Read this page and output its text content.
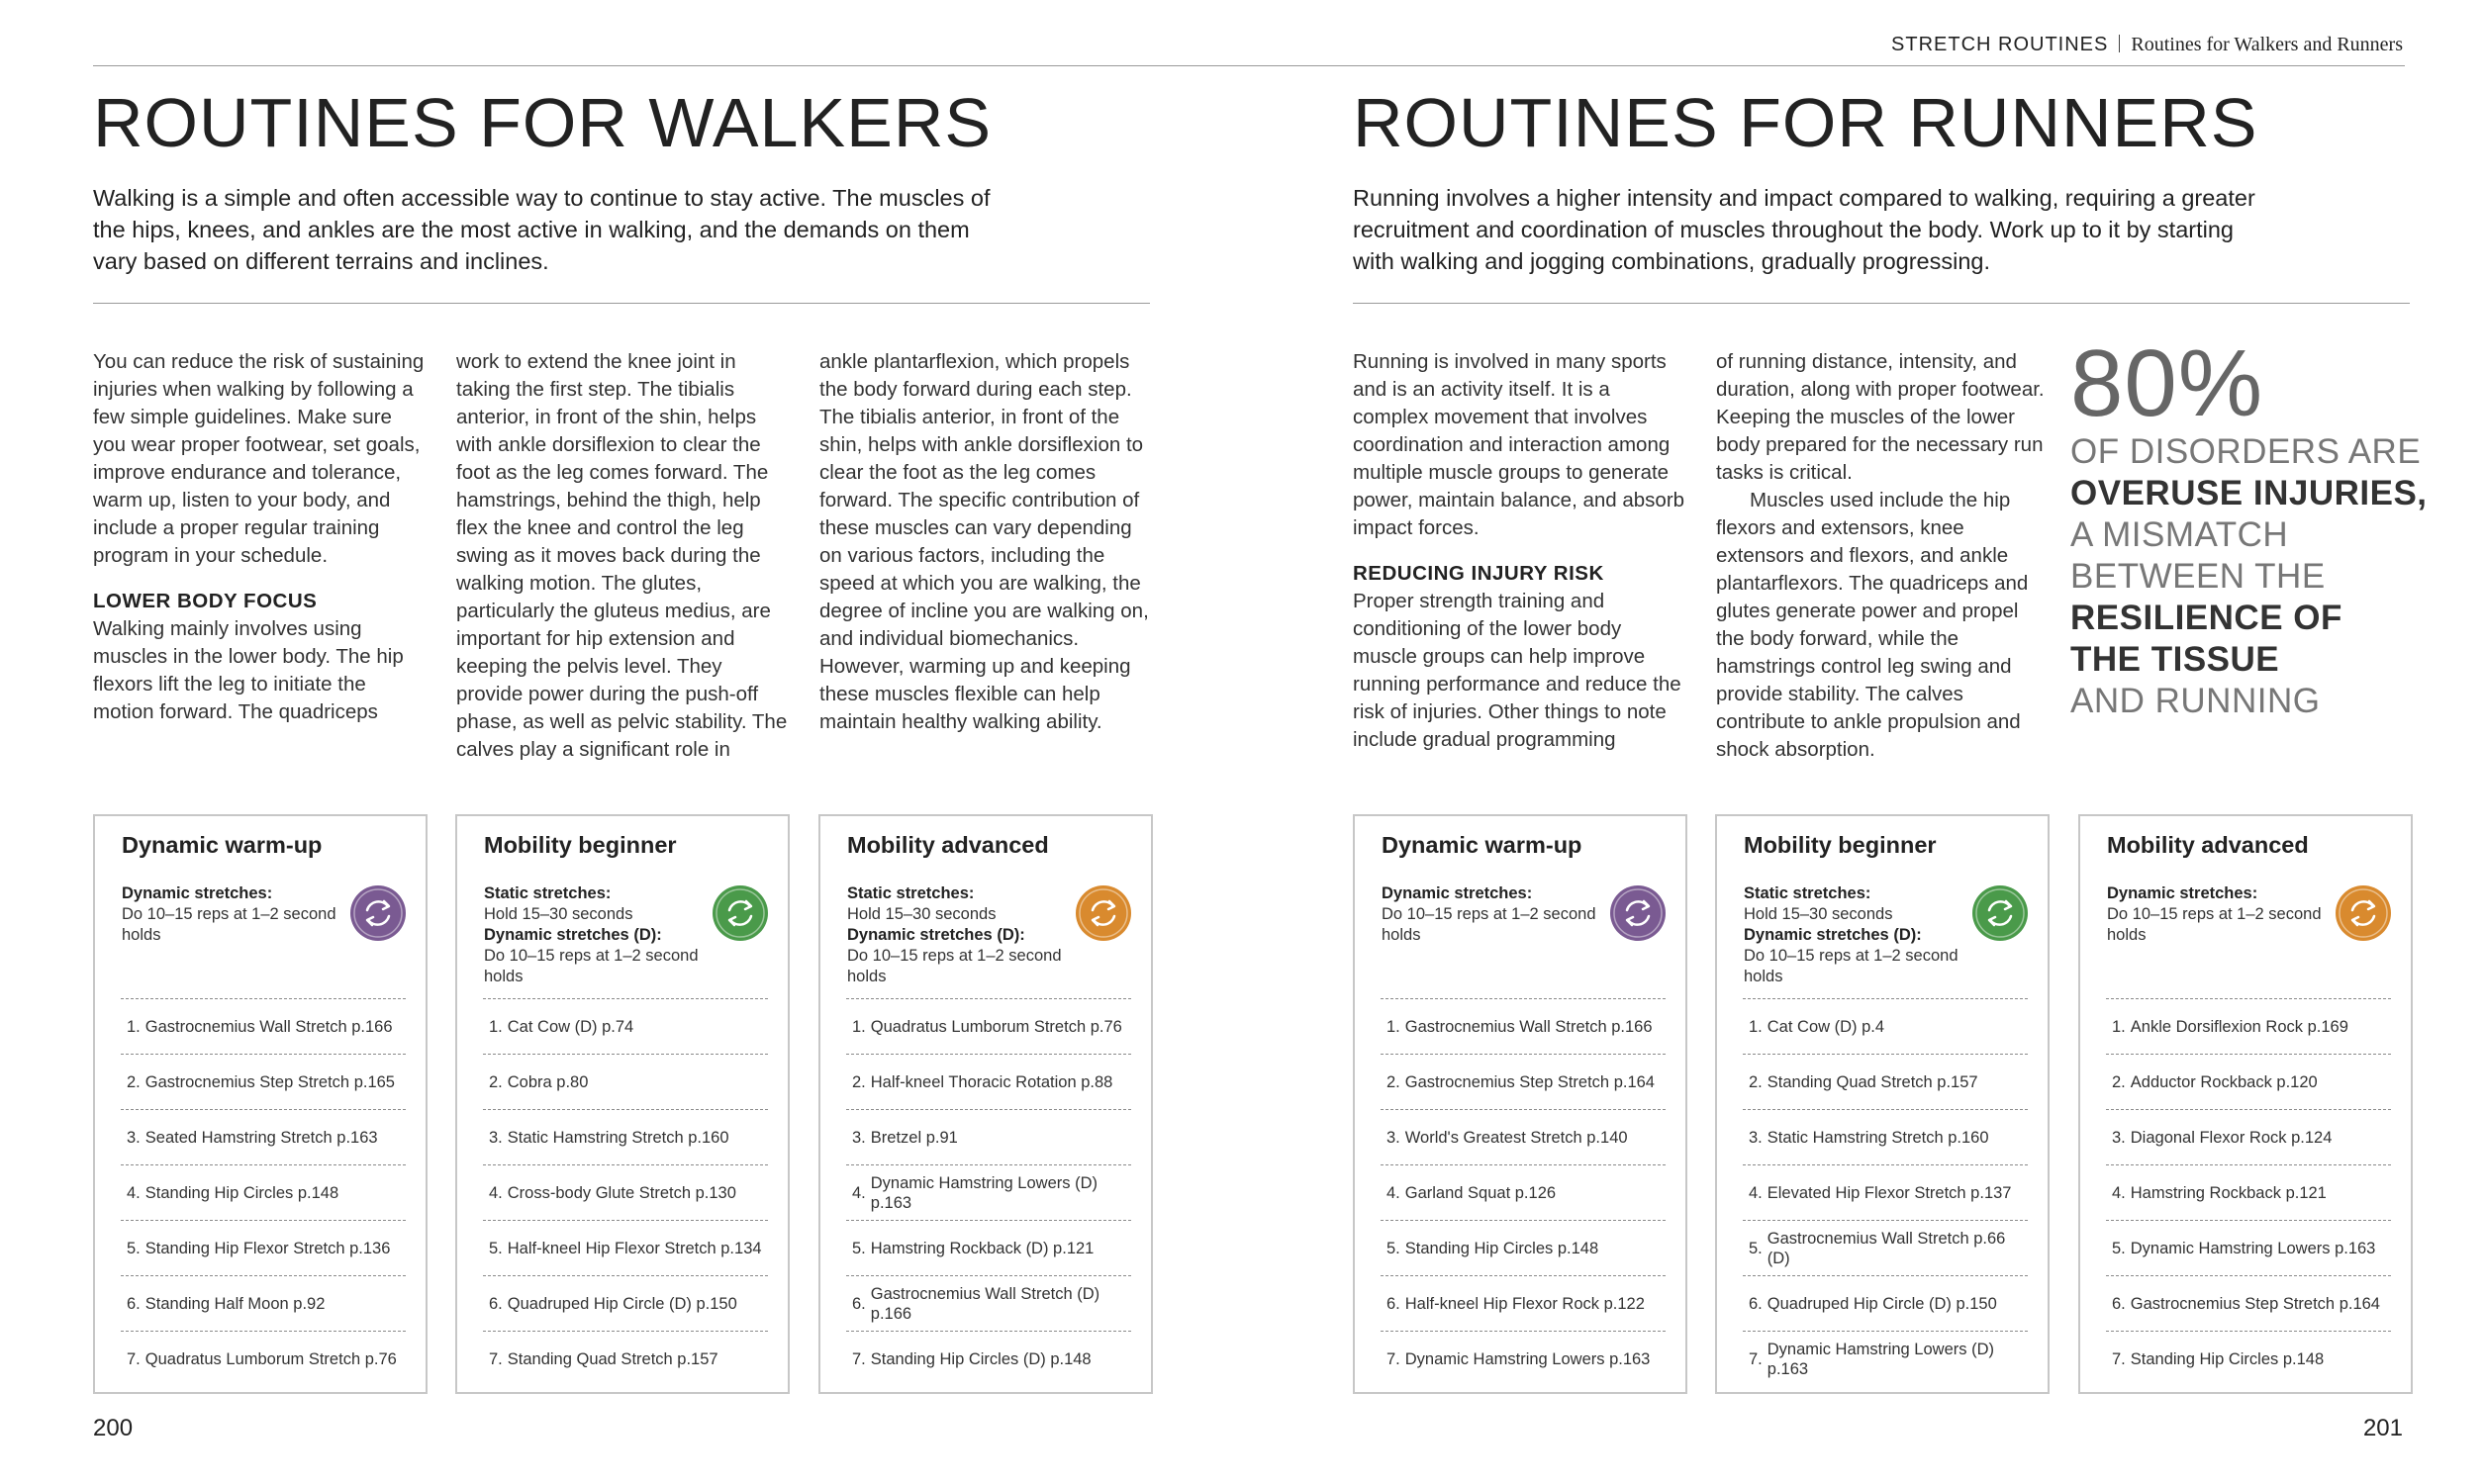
STRETCH ROUTINES Routines for Walkers and Runners
ROUTINES FOR WALKERS

Walking is a simple and often accessible way to continue to stay active. The muscles of the hips, knees, and ankles are the most active in walking, and the demands on them vary based on different terrains and inclines.

You can reduce the risk of sustaining injuries when walking by following a few simple guidelines. Make sure you wear proper footwear, set goals, improve endurance and tolerance, warm up, listen to your body, and include a proper regular training program in your schedule.

LOWER BODY FOCUS

Walking mainly involves using muscles in the lower body. The hip flexors lift the leg to initiate the motion forward. The quadriceps

work to extend the knee joint in taking the first step. The tibialis anterior, in front of the shin, helps with ankle dorsiflexion to clear the foot as the leg comes forward. The hamstrings, behind the thigh, help flex the knee and control the leg swing as it moves back during the walking motion. The glutes, particularly the gluteus medius, are important for hip extension and keeping the pelvis level. They provide power during the push-off phase, as well as pelvic stability. The calves play a significant role in

ankle plantarflexion, which propels the body forward during each step. The tibialis anterior, in front of the shin, helps with ankle dorsiflexion to clear the foot as the leg comes forward. The specific contribution of these muscles can vary depending on various factors, including the speed at which you are walking, the degree of incline you are walking on, and individual biomechanics. However, warming up and keeping these muscles flexible can help maintain healthy walking ability.

Dynamic warm-up
Dynamic stretches:
Do 10–15 reps at 1–2 second holds
1. Gastrocnemius Wall Stretch p.166
2. Gastrocnemius Step Stretch p.165
3. Seated Hamstring Stretch p.163
4. Standing Hip Circles p.148
5. Standing Hip Flexor Stretch p.136
6. Standing Half Moon p.92
7. Quadratus Lumborum Stretch p.76
Mobility beginner
Static stretches:
Hold 15–30 seconds
Dynamic stretches (D):
Do 10–15 reps at 1–2 second holds
1. Cat Cow (D) p.74
2. Cobra p.80
3. Static Hamstring Stretch p.160
4. Cross-body Glute Stretch p.130
5. Half-kneel Hip Flexor Stretch p.134
6. Quadruped Hip Circle (D) p.150
7. Standing Quad Stretch p.157
Mobility advanced
Static stretches:
Hold 15–30 seconds
Dynamic stretches (D):
Do 10–15 reps at 1–2 second holds
1. Quadratus Lumborum Stretch p.76
2. Half-kneel Thoracic Rotation p.88
3. Bretzel p.91
4.
Dynamic Hamstring Lowers (D) p.163
5. Hamstring Rockback (D) p.121
6.
Gastrocnemius Wall Stretch (D) p.166
7. Standing Hip Circles (D) p.148
200
ROUTINES FOR RUNNERS

Running involves a higher intensity and impact compared to walking, requiring a greater recruitment and coordination of muscles throughout the body. Work up to it by starting with walking and jogging combinations, gradually progressing.

Running is involved in many sports and is an activity itself. It is a complex movement that involves coordination and interaction among multiple muscle groups to generate power, maintain balance, and absorb impact forces.

REDUCING INJURY RISK

Proper strength training and conditioning of the lower body muscle groups can help improve running performance and reduce the risk of injuries. Other things to note include gradual programming

of running distance, intensity, and duration, along with proper footwear. Keeping the muscles of the lower body prepared for the necessary run tasks is critical.

Muscles used include the hip flexors and extensors, knee extensors and flexors, and ankle plantarflexors. The quadriceps and glutes generate power and propel the body forward, while the hamstrings control leg swing and provide stability. The calves contribute to ankle propulsion and shock absorption.

Dynamic warm-up
Dynamic stretches:
Do 10–15 reps at 1–2 second holds
1. Gastrocnemius Wall Stretch p.166
2. Gastrocnemius Step Stretch p.164
3. World's Greatest Stretch p.140
4. Garland Squat p.126
5. Standing Hip Circles p.148
6. Half-kneel Hip Flexor Rock p.122
7. Dynamic Hamstring Lowers p.163
Mobility beginner
Static stretches:
Hold 15–30 seconds
Dynamic stretches (D):
Do 10–15 reps at 1–2 second holds
1. Cat Cow (D) p.4
2. Standing Quad Stretch p.157
3. Static Hamstring Stretch p.160
4. Elevated Hip Flexor Stretch p.137
5.
Gastrocnemius Wall Stretch p.66 (D)
6. Quadruped Hip Circle (D) p.150
7.
Dynamic Hamstring Lowers (D) p.163
Mobility advanced
Dynamic stretches:
Do 10–15 reps at 1–2 second holds
1. Ankle Dorsiflexion Rock p.169
2. Adductor Rockback p.120
3. Diagonal Flexor Rock p.124
4. Hamstring Rockback p.121
5. Dynamic Hamstring Lowers p.163
6. Gastrocnemius Step Stretch p.164
7. Standing Hip Circles p.148
201
80%
OF DISORDERS ARE
OVERUSE INJURIES,
A MISMATCH
BETWEEN THE
RESILIENCE OF
THE TISSUE
AND RUNNING
